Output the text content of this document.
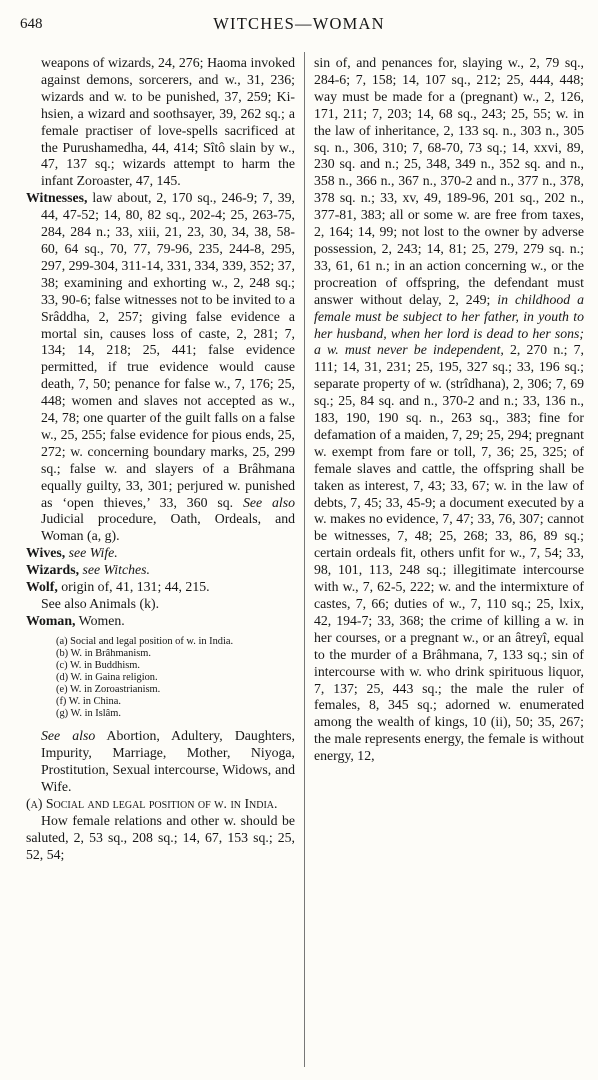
648	WITCHES—WOMAN

weapons of wizards, 24, 276; Haoma invoked against demons, sorcerers, and w., 31, 236; wizards and w. to be punished, 37, 259; Ki-hsien, a wizard and soothsayer, 39, 262 sq.; a female practiser of love-spells sacrificed at the Purushamedha, 44, 414; Sîtô slain by w., 47, 137 sq.; wizards attempt to harm the infant Zoroaster, 47, 145.

Witnesses, law about, 2, 170 sq., 246-9; 7, 39, 44, 47-52; 14, 80, 82 sq., 202-4; 25, 263-75, 284, 284 n.; 33, xiii, 21, 23, 30, 34, 38, 58-60, 64 sq., 70, 77, 79-96, 235, 244-8, 295, 297, 299-304, 311-14, 331, 334, 339, 352; 37, 38; examining and exhorting w., 2, 248 sq.; 33, 90-6; false witnesses not to be invited to a Srâddha, 2, 257; giving false evidence a mortal sin, causes loss of caste, 2, 281; 7, 134; 14, 218; 25, 441; false evidence permitted, if true evidence would cause death, 7, 50; penance for false w., 7, 176; 25, 448; women and slaves not accepted as w., 24, 78; one quarter of the guilt falls on a false w., 25, 255; false evidence for pious ends, 25, 272; w. concerning boundary marks, 25, 299 sq.; false w. and slayers of a Brâhmana equally guilty, 33, 301; perjured w. punished as ‘open thieves,’ 33, 360 sq. See also Judicial procedure, Oath, Ordeals, and Woman (a, g).

Wives, see Wife.

Wizards, see Witches.

Wolf, origin of, 41, 131; 44, 215.
See also Animals (k).

Woman, Women.

(a) Social and legal position of w. in India.
(b) W. in Brâhmanism.
(c) W. in Buddhism.
(d) W. in Gaina religion.
(e) W. in Zoroastrianism.
(f) W. in China.
(g) W. in Islâm.

See also Abortion, Adultery, Daughters, Impurity, Marriage, Mother, Niyoga, Prostitution, Sexual intercourse, Widows, and Wife.

(a) Social and legal position of w. in India.

How female relations and other w. should be saluted, 2, 53 sq., 208 sq.; 14, 67, 153 sq.; 25, 52, 54;

sin of, and penances for, slaying w., 2, 79 sq., 284-6; 7, 158; 14, 107 sq., 212; 25, 444, 448; way must be made for a (pregnant) w., 2, 126, 171, 211; 7, 203; 14, 68 sq., 243; 25, 55; w. in the law of inheritance, 2, 133 sq. n., 303 n., 305 sq. n., 306, 310; 7, 68-70, 73 sq.; 14, xxvi, 89, 230 sq. and n.; 25, 348, 349 n., 352 sq. and n., 358 n., 366 n., 367 n., 370-2 and n., 377 n., 378, 378 sq. n.; 33, xv, 49, 189-96, 201 sq., 202 n., 377-81, 383; all or some w. are free from taxes, 2, 164; 14, 99; not lost to the owner by adverse possession, 2, 243; 14, 81; 25, 279, 279 sq. n.; 33, 61, 61 n.; in an action concerning w., or the procreation of offspring, the defendant must answer without delay, 2, 249; in childhood a female must be subject to her father, in youth to her husband, when her lord is dead to her sons; a w. must never be independent, 2, 270 n.; 7, 111; 14, 31, 231; 25, 195, 327 sq.; 33, 196 sq.; separate property of w. (strîdhana), 2, 306; 7, 69 sq.; 25, 84 sq. and n., 370-2 and n.; 33, 136 n., 183, 190, 190 sq. n., 263 sq., 383; fine for defamation of a maiden, 7, 29; 25, 294; pregnant w. exempt from fare or toll, 7, 36; 25, 325; of female slaves and cattle, the offspring shall be taken as interest, 7, 43; 33, 67; w. in the law of debts, 7, 45; 33, 45-9; a document executed by a w. makes no evidence, 7, 47; 33, 76, 307; cannot be witnesses, 7, 48; 25, 268; 33, 86, 89 sq.; certain ordeals fit, others unfit for w., 7, 54; 33, 98, 101, 113, 248 sq.; illegitimate intercourse with w., 7, 62-5, 222; w. and the intermixture of castes, 7, 66; duties of w., 7, 110 sq.; 25, lxix, 42, 194-7; 33, 368; the crime of killing a w. in her courses, or a pregnant w., or an âtreyî, equal to the murder of a Brâhmana, 7, 133 sq.; sin of intercourse with w. who drink spirituous liquor, 7, 137; 25, 443 sq.; the male the ruler of females, 8, 345 sq.; adorned w. enumerated among the wealth of kings, 10 (ii), 50; 35, 267; the male represents energy, the female is without energy, 12,
